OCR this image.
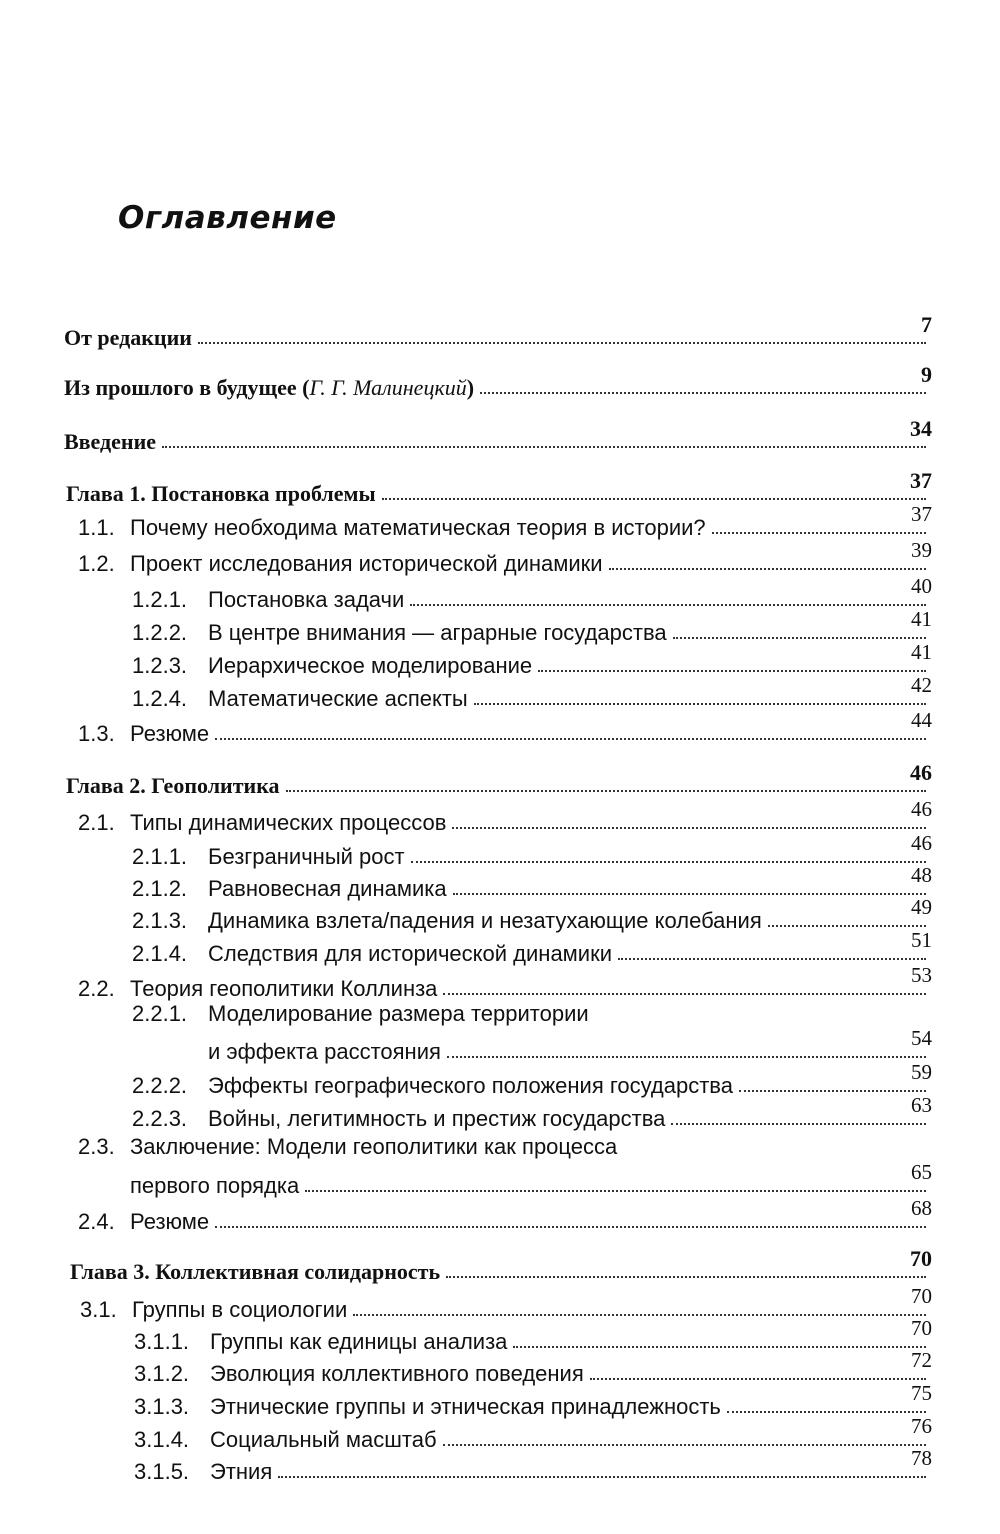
Оглавление
От редакции
7
Из прошлого в будущее (Г. Г. Малинецкий)
9
Введение
34
Глава 1. Постановка проблемы
37
1.1. Почему необходима математическая теория в истории?
37
1.2. Проект исследования исторической динамики
39
1.2.1. Постановка задачи
40
1.2.2. В центре внимания — аграрные государства
41
1.2.3. Иерархическое моделирование
41
1.2.4. Математические аспекты
42
1.3. Резюме
44
Глава 2. Геополитика
46
2.1. Типы динамических процессов
46
2.1.1. Безграничный рост
46
2.1.2. Равновесная динамика
48
2.1.3. Динамика взлета/падения и незатухающие колебания
49
2.1.4. Следствия для исторической динамики
51
2.2. Теория геополитики Коллинза
53
2.2.1. Моделирование размера территории
и эффекта расстояния
54
2.2.2. Эффекты географического положения государства
59
2.2.3. Войны, легитимность и престиж государства
63
2.3. Заключение: Модели геополитики как процесса
первого порядка
65
2.4. Резюме
68
Глава 3. Коллективная солидарность
70
3.1. Группы в социологии
70
3.1.1. Группы как единицы анализа
70
3.1.2. Эволюция коллективного поведения
72
3.1.3. Этнические группы и этническая принадлежность
75
3.1.4. Социальный масштаб
76
3.1.5. Этния
78
